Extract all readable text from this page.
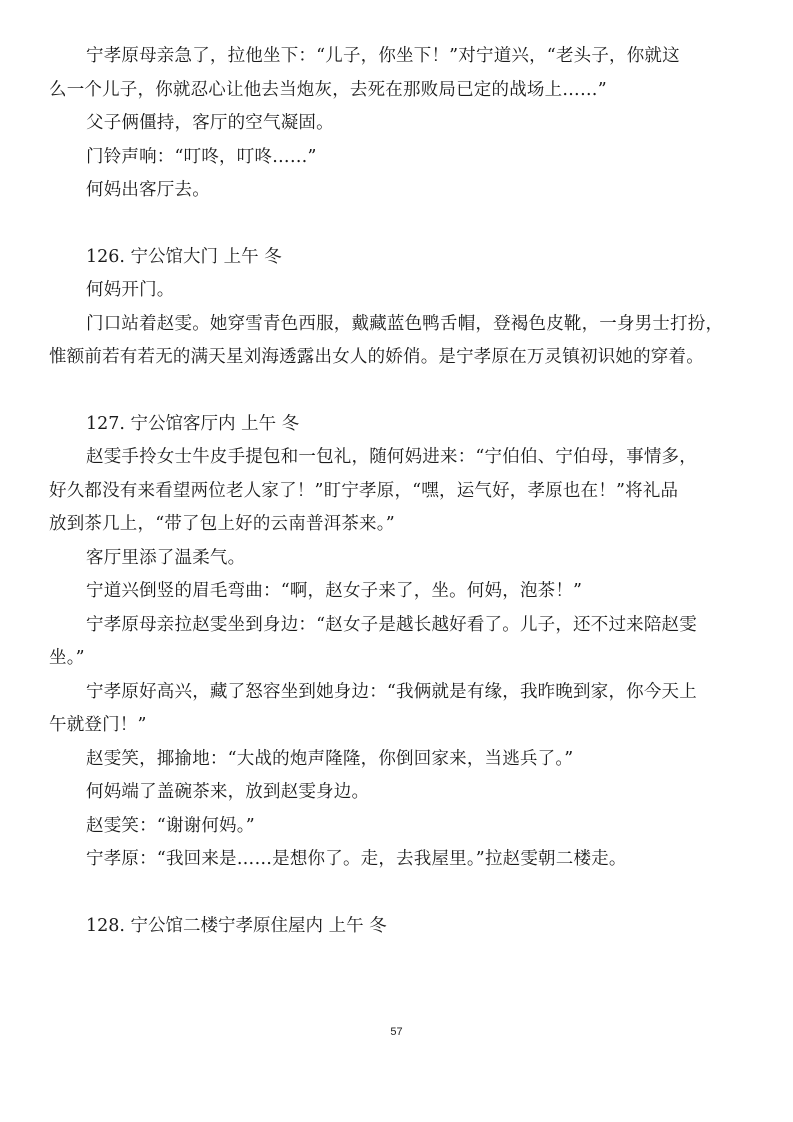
宁孝原母亲急了，拉他坐下：“儿子，你坐下！”对宁道兴，“老头子，你就这
么一个儿子，你就忍心让他去当炮灰，去死在那败局已定的战场上……”
父子俩僵持，客厅的空气凝固。
门铃声响：“叮咚，叮咚……”
何妈出客厅去。
126. 宁公馆大门 上午 冬
何妈开门。
门口站着赵雯。她穿雪青色西服，戴藏蓝色鸭舌帽，登褐色皮靴，一身男士打扮，
惟额前若有若无的满天星刘海透露出女人的娇俏。是宁孝原在万灵镇初识她的穿着。
127. 宁公馆客厅内 上午 冬
赵雯手拎女士牛皮手提包和一包礼，随何妈进来：“宁伯伯、宁伯母，事情多，
好久都没有来看望两位老人家了！”盯宁孝原，“嘿，运气好，孝原也在！”将礼品
放到茶几上，“带了包上好的云南普洱茶来。”
客厅里添了温柔气。
宁道兴倒竖的眉毛弯曲：“啊，赵女子来了，坐。何妈，泡茶！”
宁孝原母亲拉赵雯坐到身边：“赵女子是越长越好看了。儿子，还不过来陪赵雯
坐。”
宁孝原好高兴，藏了怒容坐到她身边：“我俩就是有缘，我昨晚到家，你今天上
午就登门！”
赵雯笑，揶揄地：“大战的炮声隆隆，你倒回家来，当逃兵了。”
何妈端了盖碗茶来，放到赵雯身边。
赵雯笑：“谢谢何妈。”
宁孝原：“我回来是……是想你了。走，去我屋里。”拉赵雯朝二楼走。
128. 宁公馆二楼宁孝原住屋内 上午 冬
57
